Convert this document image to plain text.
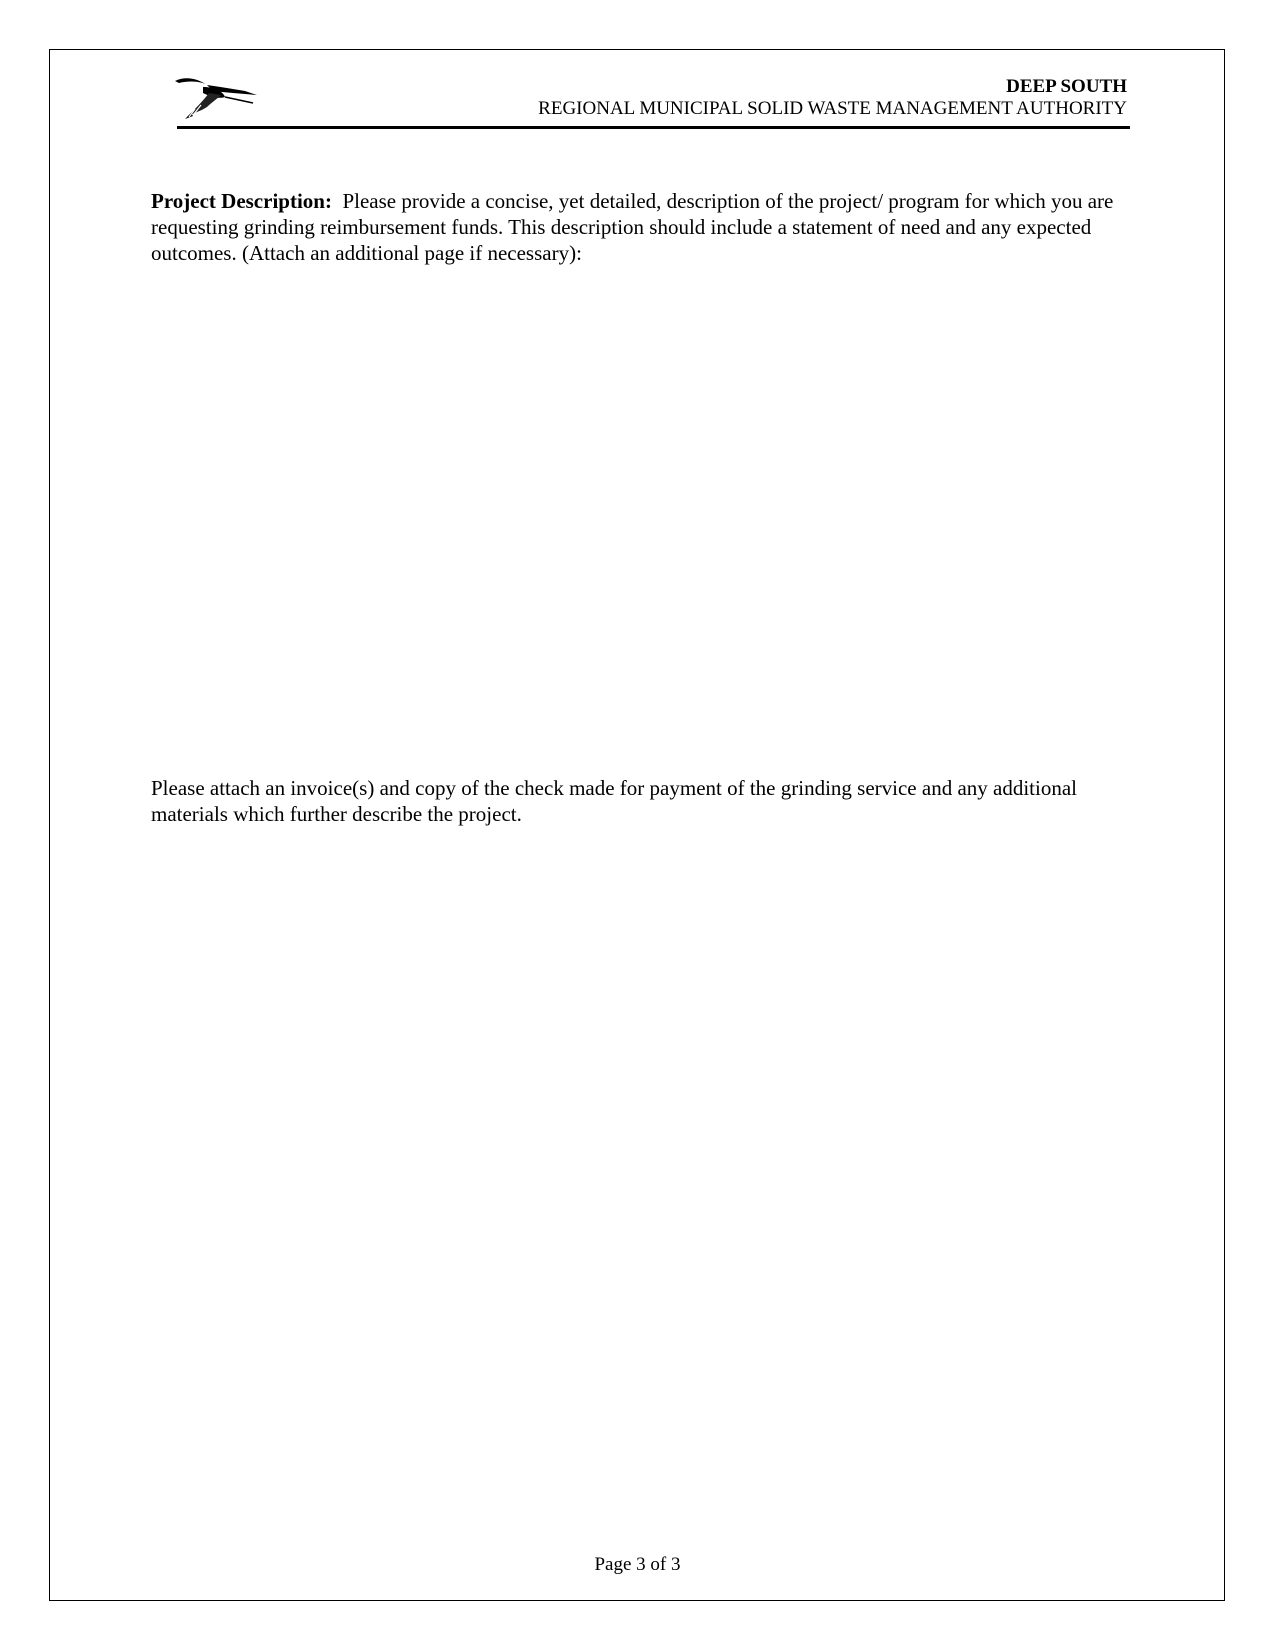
DEEP SOUTH
REGIONAL MUNICIPAL SOLID WASTE MANAGEMENT AUTHORITY

Project Description: Please provide a concise, yet detailed, description of the project/ program for which you are requesting grinding reimbursement funds. This description should include a statement of need and any expected outcomes. (Attach an additional page if necessary):

Please attach an invoice(s) and copy of the check made for payment of the grinding service and any additional materials which further describe the project.

Page 3 of 3
